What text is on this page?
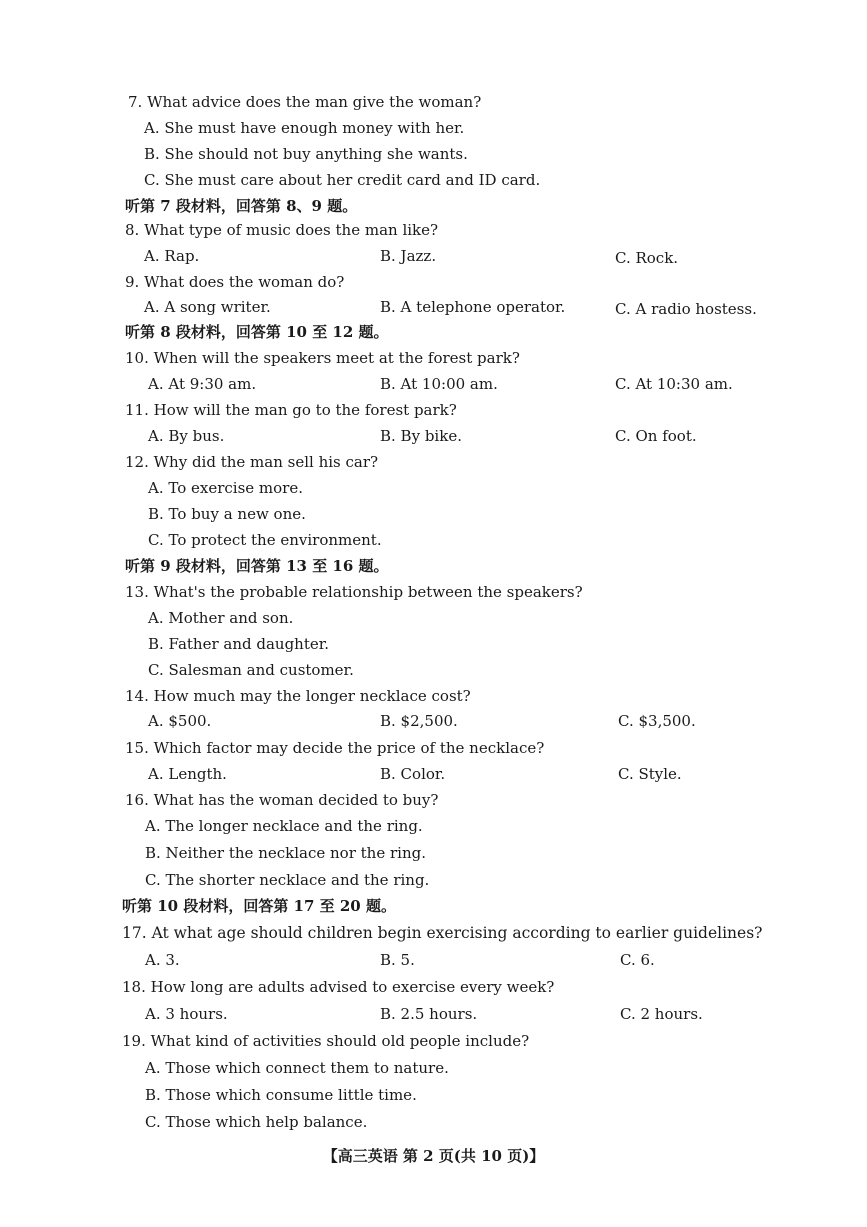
7. What advice does the man give the woman?
A. She must have enough money with her.
B. She should not buy anything she wants.
C. She must care about her credit card and ID card.
听第 7 段材料，回答第 8、9 题。
8. What type of music does the man like?
A. Rap.	B. Jazz.	C. Rock.
9. What does the woman do?
A. A song writer.	B. A telephone operator.	C. A radio hostess.
听第 8 段材料，回答第 10 至 12 题。
10. When will the speakers meet at the forest park?
A. At 9:30 am.	B. At 10:00 am.	C. At 10:30 am.
11. How will the man go to the forest park?
A. By bus.	B. By bike.	C. On foot.
12. Why did the man sell his car?
A. To exercise more.
B. To buy a new one.
C. To protect the environment.
听第 9 段材料，回答第 13 至 16 题。
13. What's the probable relationship between the speakers?
A. Mother and son.
B. Father and daughter.
C. Salesman and customer.
14. How much may the longer necklace cost?
A. $500.	B. $2,500.	C. $3,500.
15. Which factor may decide the price of the necklace?
A. Length.	B. Color.	C. Style.
16. What has the woman decided to buy?
A. The longer necklace and the ring.
B. Neither the necklace nor the ring.
C. The shorter necklace and the ring.
听第 10 段材料，回答第 17 至 20 题。
17. At what age should children begin exercising according to earlier guidelines?
A. 3.	B. 5.	C. 6.
18. How long are adults advised to exercise every week?
A. 3 hours.	B. 2.5 hours.	C. 2 hours.
19. What kind of activities should old people include?
A. Those which connect them to nature.
B. Those which consume little time.
C. Those which help balance.
【高三英语 第 2 页(共 10 页)】
